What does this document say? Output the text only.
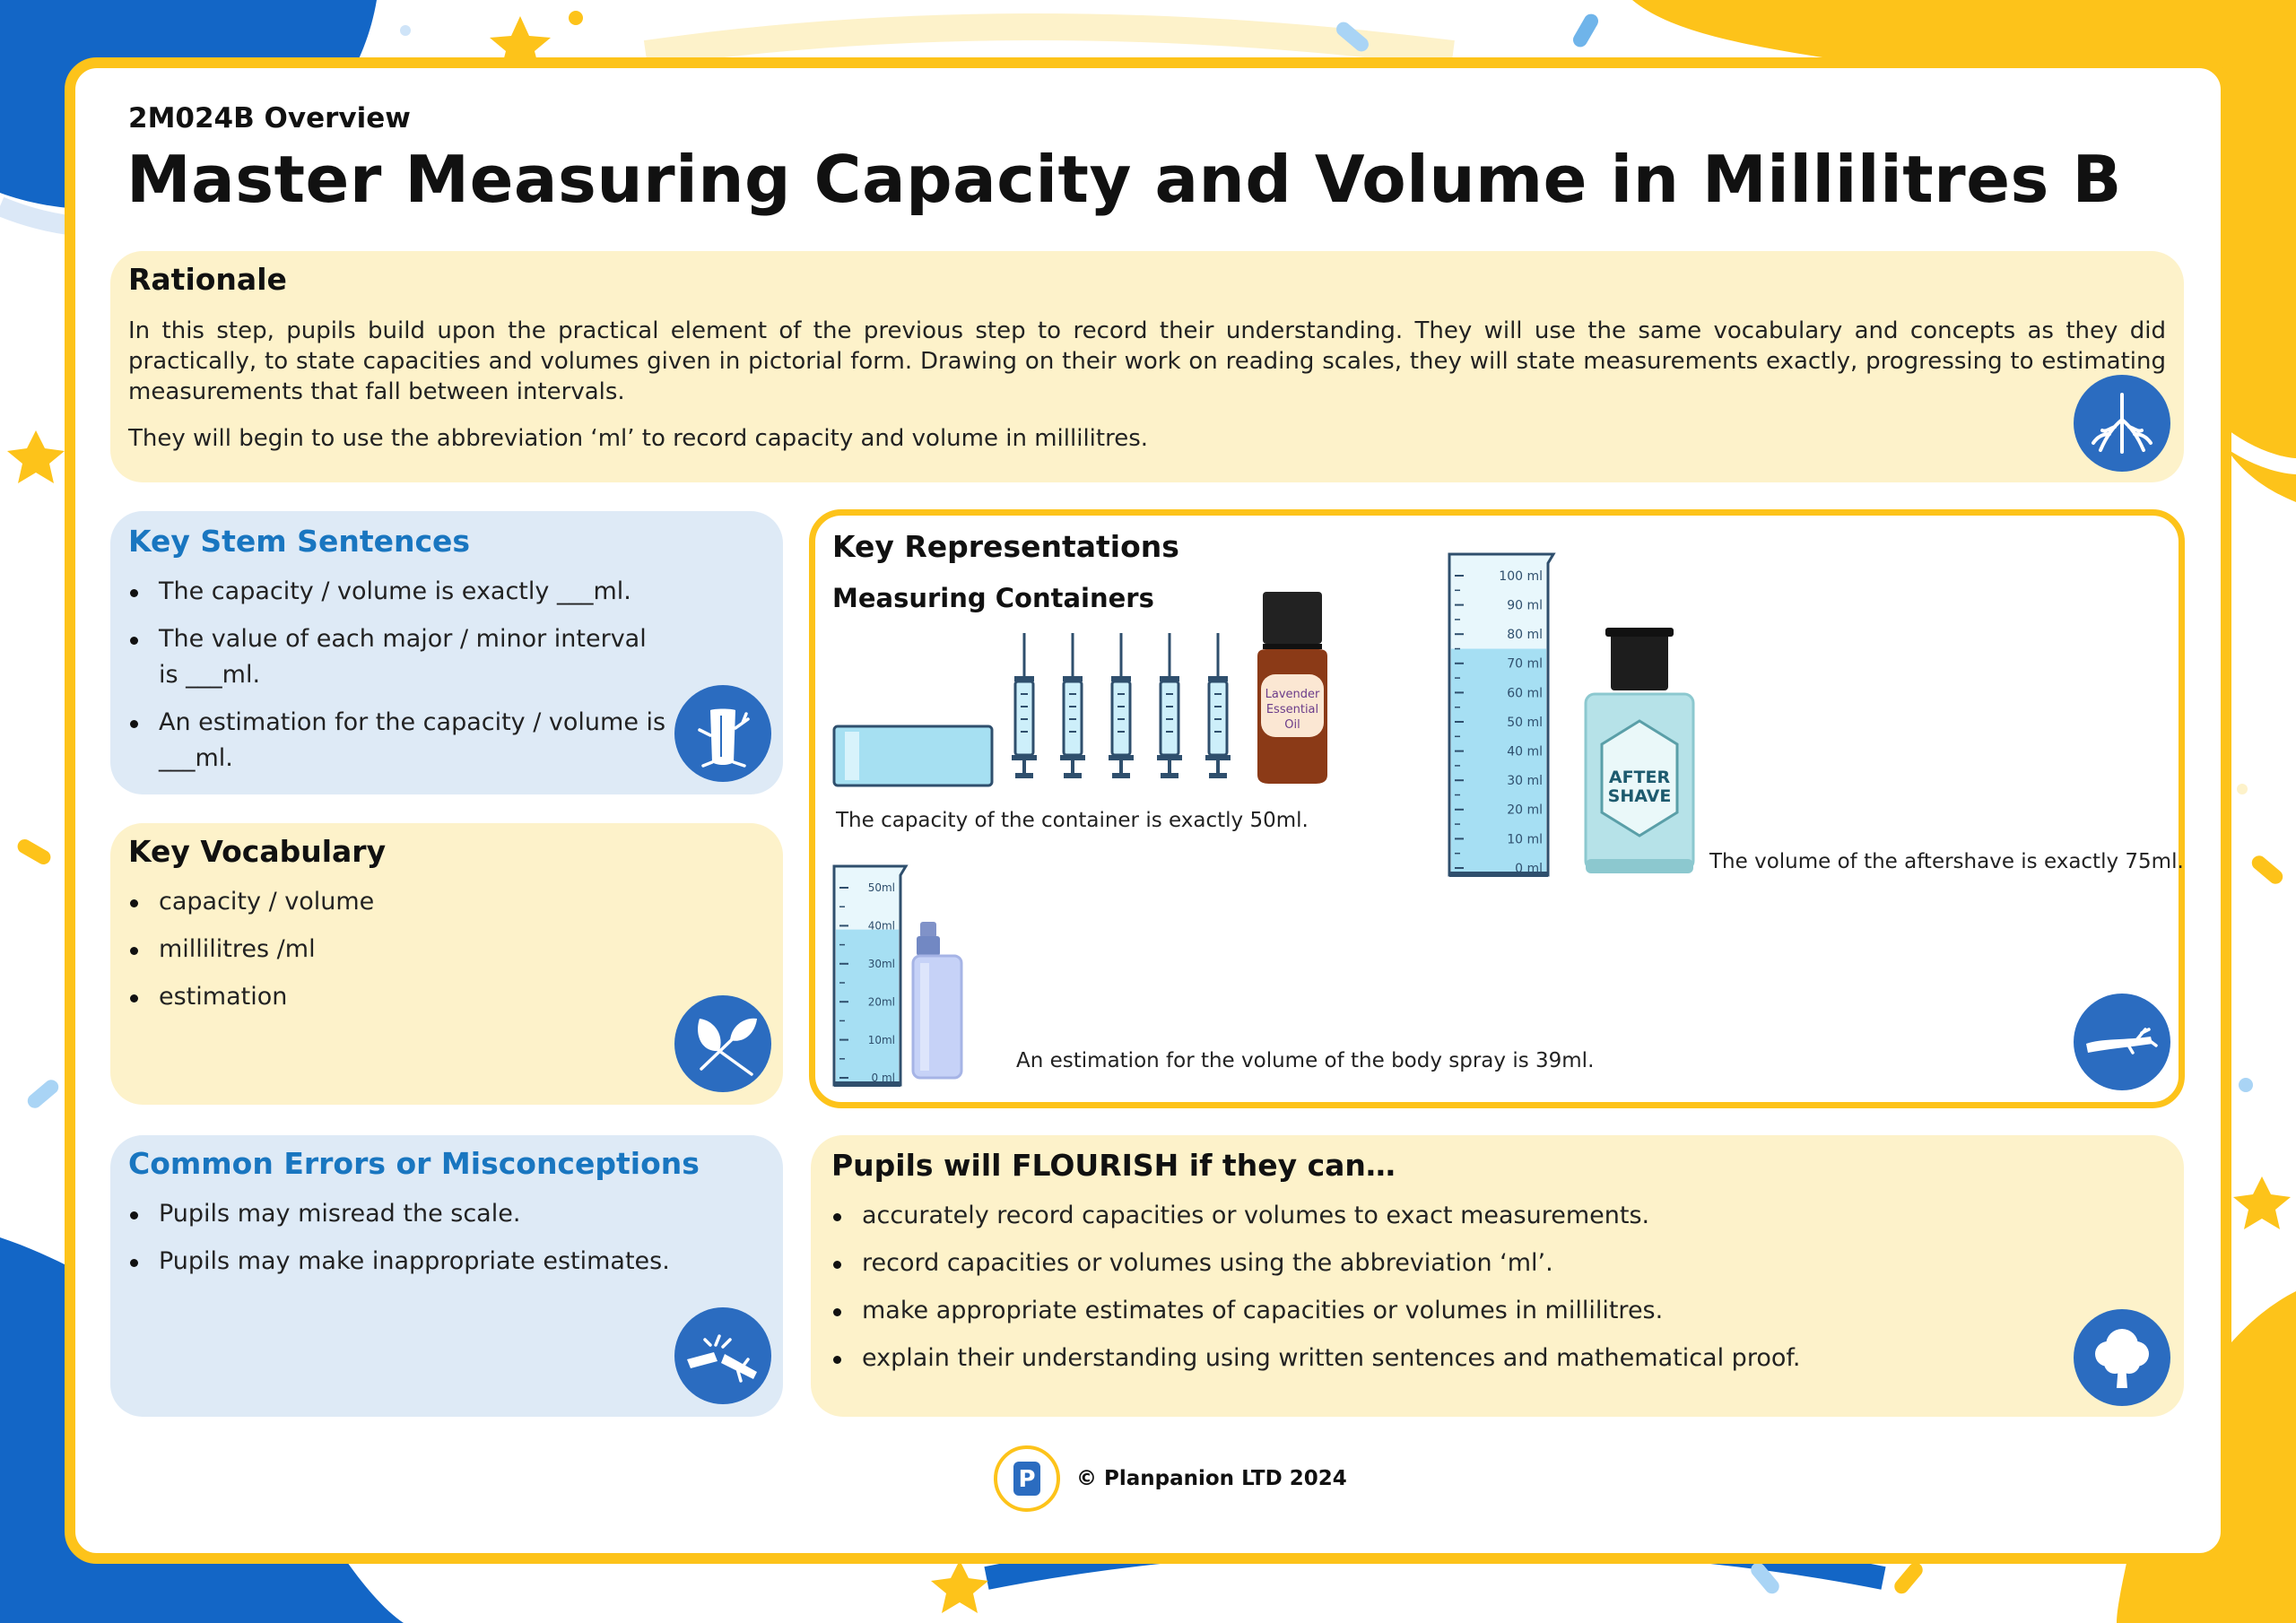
2M024B Overview
Master Measuring Capacity and Volume in Millilitres B
Rationale
In this step, pupils build upon the practical element of the previous step to record their understanding. They will use the same vocabulary and concepts as they did practically, to state capacities and volumes given in pictorial form. Drawing on their work on reading scales, they will state measurements exactly, progressing to estimating measurements that fall between intervals.
They will begin to use the abbreviation ‘ml’ to record capacity and volume in millilitres.
Key Stem Sentences
The capacity / volume is exactly ___ml.
The value of each major / minor interval is ___ml.
An estimation for the capacity / volume is ___ml.
Key Vocabulary
capacity / volume
millilitres /ml
estimation
Common Errors or Misconceptions
Pupils may misread the scale.
Pupils may make inappropriate estimates.
Key Representations
Measuring Containers
Lavender
Essential
Oil
100 ml
90 ml
80 ml
70 ml
60 ml
50 ml
40 ml
30 ml
20 ml
10 ml
0 ml
AFTER
SHAVE
50ml
40ml
30ml
20ml
10ml
0 ml
The capacity of the container is exactly 50ml.
The volume of the aftershave is exactly 75ml.
An estimation for the volume of the body spray is 39ml.
Pupils will FLOURISH if they can…
accurately record capacities or volumes to exact measurements.
record capacities or volumes using the abbreviation ‘ml’.
make appropriate estimates of capacities or volumes in millilitres.
explain their understanding using written sentences and mathematical proof.
P © Planpanion LTD 2024
